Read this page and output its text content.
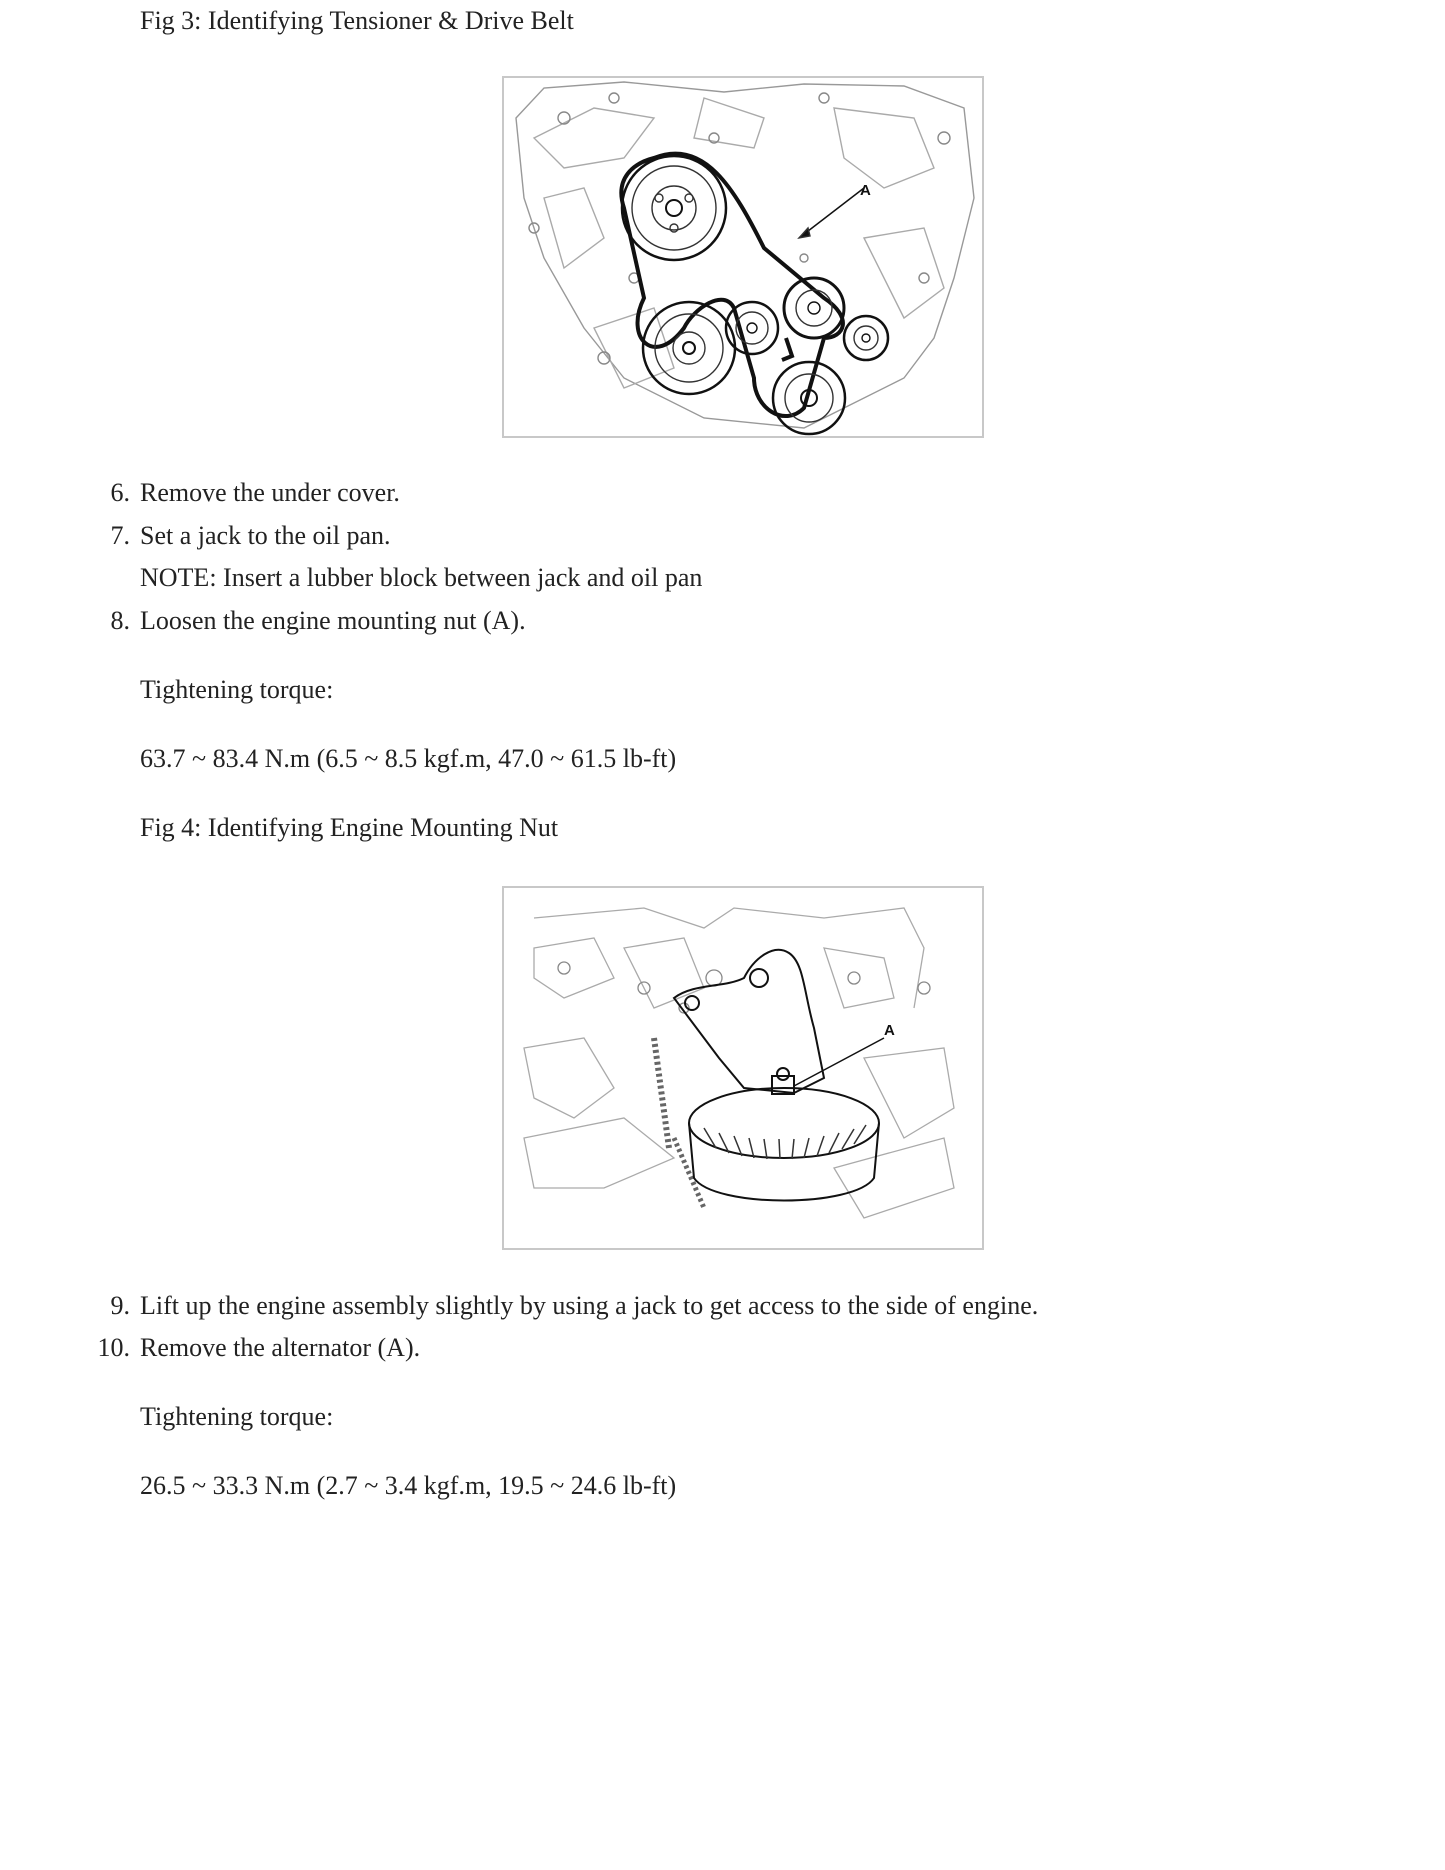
Fig 3: Identifying Tensioner & Drive Belt
A
6. Remove the under cover.
7. Set a jack to the oil pan.
NOTE: Insert a lubber block between jack and oil pan
8. Loosen the engine mounting nut (A).
Tightening torque:
63.7 ~ 83.4 N.m (6.5 ~ 8.5 kgf.m, 47.0 ~ 61.5 lb-ft)
Fig 4: Identifying Engine Mounting Nut
A
9. Lift up the engine assembly slightly by using a jack to get access to the side of engine.
10. Remove the alternator (A).
Tightening torque:
26.5 ~ 33.3 N.m (2.7 ~ 3.4 kgf.m, 19.5 ~ 24.6 lb-ft)
